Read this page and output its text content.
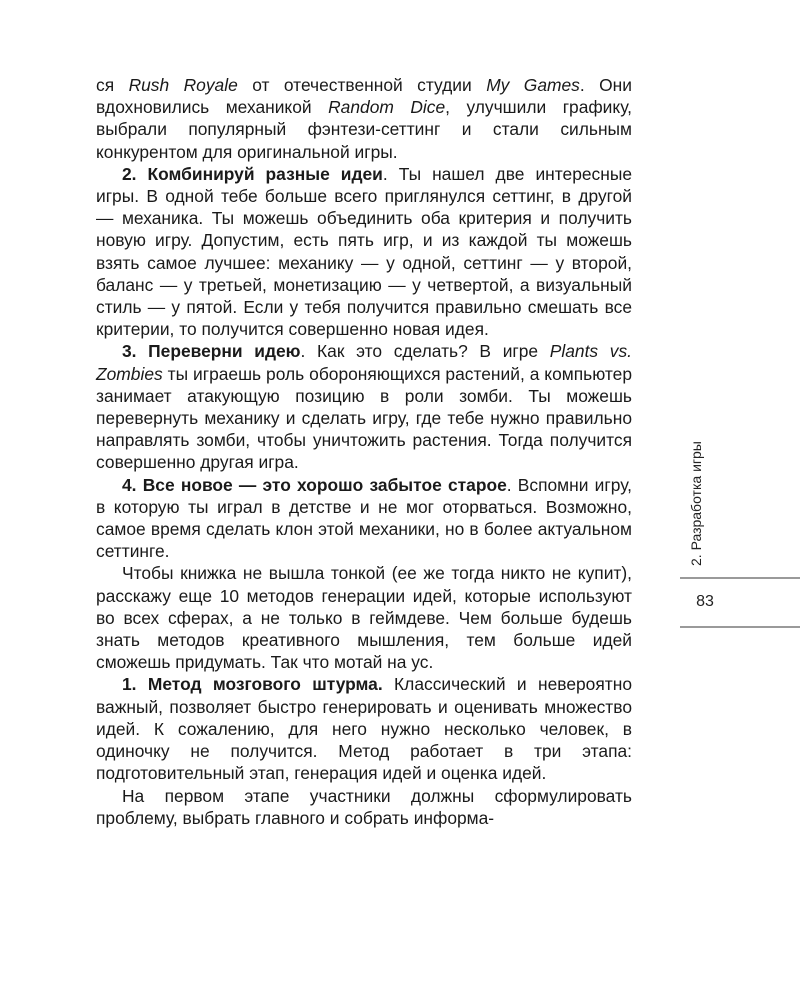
ся Rush Royale от отечественной студии My Games. Они вдохновились механикой Random Dice, улучшили графику, выбрали популярный фэнтези-сеттинг и стали сильным конкурентом для оригинальной игры.

2. Комбинируй разные идеи. Ты нашел две интересные игры. В одной тебе больше всего приглянулся сеттинг, в другой — механика. Ты можешь объединить оба критерия и получить новую игру. Допустим, есть пять игр, и из каждой ты можешь взять самое лучшее: механику — у одной, сеттинг — у второй, баланс — у третьей, монетизацию — у четвертой, а визуальный стиль — у пятой. Если у тебя получится правильно смешать все критерии, то получится совершенно новая идея.

3. Переверни идею. Как это сделать? В игре Plants vs. Zombies ты играешь роль обороняющихся растений, а компьютер занимает атакующую позицию в роли зомби. Ты можешь перевернуть механику и сделать игру, где тебе нужно правильно направлять зомби, чтобы уничтожить растения. Тогда получится совершенно другая игра.

4. Все новое — это хорошо забытое старое. Вспомни игру, в которую ты играл в детстве и не мог оторваться. Возможно, самое время сделать клон этой механики, но в более актуальном сеттинге.

Чтобы книжка не вышла тонкой (ее же тогда никто не купит), расскажу еще 10 методов генерации идей, которые используют во всех сферах, а не только в геймдеве. Чем больше будешь знать методов креативного мышления, тем больше идей сможешь придумать. Так что мотай на ус.

1. Метод мозгового штурма. Классический и невероятно важный, позволяет быстро генерировать и оценивать множество идей. К сожалению, для него нужно несколько человек, в одиночку не получится. Метод работает в три этапа: подготовительный этап, генерация идей и оценка идей.

На первом этапе участники должны сформулировать проблему, выбрать главного и собрать информа-

2. Разработка игры
83
